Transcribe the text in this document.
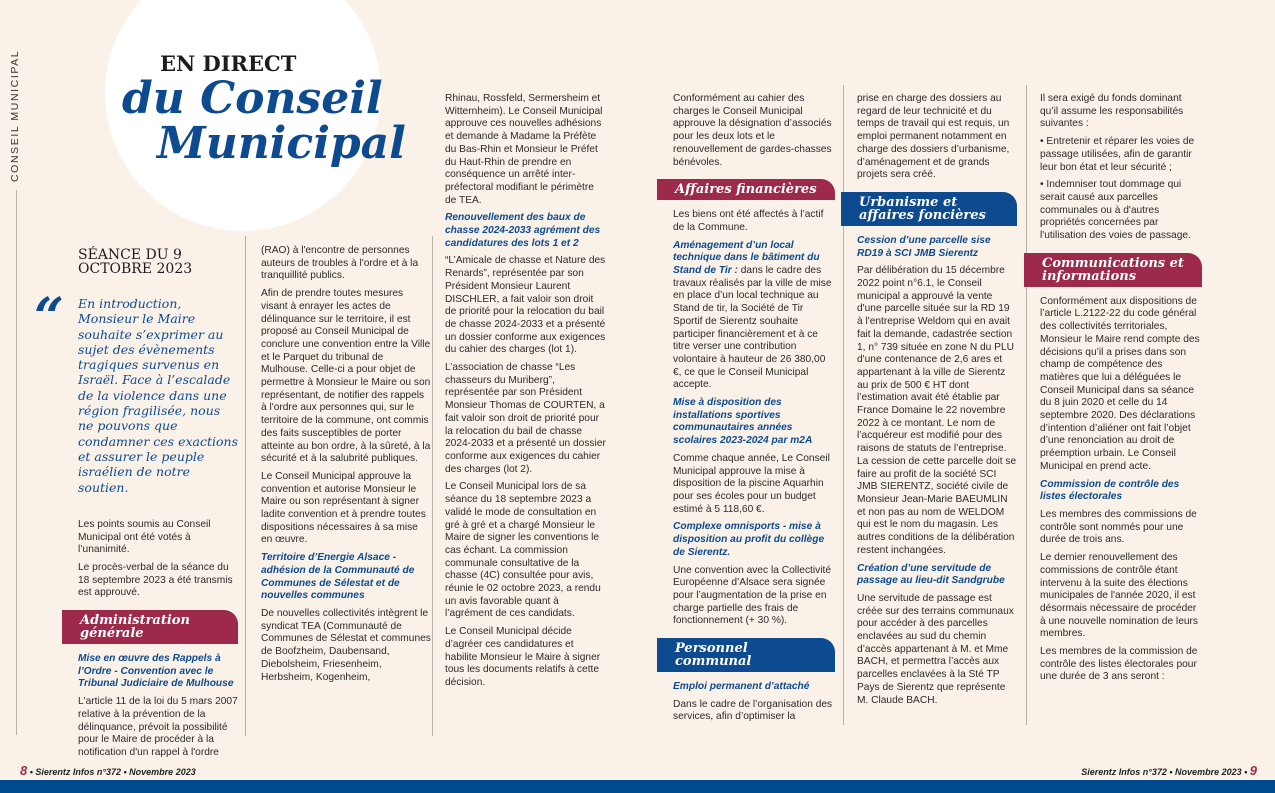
CONSEIL MUNICIPAL	EN DIRECT
du Conseil
Municipal

SÉANCE DU 9 OCTOBRE 2023

“ En introduction, Monsieur le Maire souhaite s’exprimer au sujet des évènements tragiques survenus en Israël. Face à l’escalade de la violence dans une région fragilisée, nous ne pouvons que condamner ces exactions et assurer le peuple israélien de notre soutien.

Les points soumis au Conseil Municipal ont été votés à l’unanimité.

Le procès-verbal de la séance du 18 septembre 2023 a été transmis est approuvé.

Administration générale

Mise en œuvre des Rappels à l’Ordre - Convention avec le Tribunal Judiciaire de Mulhouse

L'article 11 de la loi du 5 mars 2007 relative à la prévention de la délinquance, prévoit la possibilité pour le Maire de procéder à la notification d'un rappel à l'ordre

(RAO) à l'encontre de personnes auteurs de troubles à l'ordre et à la tranquillité publics.

Afin de prendre toutes mesures visant à enrayer les actes de délinquance sur le territoire, il est proposé au Conseil Municipal de conclure une convention entre la Ville et le Parquet du tribunal de Mulhouse. Celle-ci a pour objet de permettre à Monsieur le Maire ou son représentant, de notifier des rappels à l'ordre aux personnes qui, sur le territoire de la commune, ont commis des faits susceptibles de porter atteinte au bon ordre, à la sûreté, à la sécurité et à la salubrité publiques.

Le Conseil Municipal approuve la convention et autorise Monsieur le Maire ou son représentant à signer ladite convention et à prendre toutes dispositions nécessaires à sa mise en œuvre.

Territoire d’Energie Alsace - adhésion de la Communauté de Communes de Sélestat et de nouvelles communes

De nouvelles collectivités intègrent le syndicat TEA (Communauté de Communes de Sélestat et communes de Boofzheim, Daubensand, Diebolsheim, Friesenheim, Herbsheim, Kogenheim,

Rhinau, Rossfeld, Sermersheim et Witternheim). Le Conseil Municipal approuve ces nouvelles adhésions et demande à Madame la Préfète du Bas-Rhin et Monsieur le Préfet du Haut-Rhin de prendre en conséquence un arrêté inter-préfectoral modifiant le périmètre de TEA.

Renouvellement des baux de chasse 2024-2033 agrément des candidatures des lots 1 et 2

“L’Amicale de chasse et Nature des Renards”, représentée par son Président Monsieur Laurent DISCHLER, a fait valoir son droit de priorité pour la relocation du bail de chasse 2024-2033 et a présenté un dossier conforme aux exigences du cahier des charges (lot 1).

L’association de chasse “Les chasseurs du Muriberg”, représentée par son Président Monsieur Thomas de COURTEN, a fait valoir son droit de priorité pour la relocation du bail de chasse 2024-2033 et a présenté un dossier conforme aux exigences du cahier des charges (lot 2).

Le Conseil Municipal lors de sa séance du 18 septembre 2023 a validé le mode de consultation en gré à gré et a chargé Monsieur le Maire de signer les conventions le cas échant. La commission communale consultative de la chasse (4C) consultée pour avis, réunie le 02 octobre 2023, a rendu un avis favorable quant à l’agrément de ces candidats.

Le Conseil Municipal décide d’agréer ces candidatures et habilite Monsieur le Maire à signer tous les documents relatifs à cette décision.

Conformément au cahier des charges le Conseil Municipal approuve la désignation d’associés pour les deux lots et le renouvellement de gardes-chasses bénévoles.

Affaires financières

Les biens ont été affectés à l’actif de la Commune.

Aménagement d’un local technique dans le bâtiment du Stand de Tir : dans le cadre des travaux réalisés par la ville de mise en place d’un local technique au Stand de tir, la Société de Tir Sportif de Sierentz souhaite participer financièrement et à ce titre verser une contribution volontaire à hauteur de 26 380,00 €, ce que le Conseil Municipal accepte.

Mise à disposition des installations sportives communautaires années scolaires 2023-2024 par m2A

Comme chaque année, Le Conseil Municipal approuve la mise à disposition de la piscine Aquarhin pour ses écoles pour un budget estimé à 5 118,60 €.

Complexe omnisports - mise à disposition au profit du collège de Sierentz.

Une convention avec la Collectivité Européenne d’Alsace sera signée pour l’augmentation de la prise en charge partielle des frais de fonctionnement (+ 30 %).

Personnel communal

Emploi permanent d’attaché

Dans le cadre de l’organisation des services, afin d’optimiser la

prise en charge des dossiers au regard de leur technicité et du temps de travail qui est requis, un emploi permanent notamment en charge des dossiers d’urbanisme, d’aménagement et de grands projets sera créé.

Urbanisme et affaires foncières

Cession d’une parcelle sise RD19 à SCI JMB Sierentz

Par délibération du 15 décembre 2022 point n°6.1, le Conseil municipal a approuvé la vente d'une parcelle située sur la RD 19 à l'entreprise Weldom qui en avait fait la demande, cadastrée section 1, n° 739 située en zone N du PLU d'une contenance de 2,6 ares et appartenant à la ville de Sierentz au prix de 500 € HT dont l’estimation avait été établie par France Domaine le 22 novembre 2022 à ce montant. Le nom de l’acquéreur est modifié pour des raisons de statuts de l’entreprise. La cession de cette parcelle doit se faire au profit de la société SCI JMB SIERENTZ, société civile de Monsieur Jean-Marie BAEUMLIN et non pas au nom de WELDOM qui est le nom du magasin. Les autres conditions de la délibération restent inchangées.

Création d’une servitude de passage au lieu-dit Sandgrube

Une servitude de passage est créée sur des terrains communaux pour accéder à des parcelles enclavées au sud du chemin d’accès appartenant à M. et Mme BACH, et permettra l’accès aux parcelles enclavées à la Sté TP Pays de Sierentz que représente M. Claude BACH.

Il sera exigé du fonds dominant qu’il assume les responsabilités suivantes :

• Entretenir et réparer les voies de passage utilisées, afin de garantir leur bon état et leur sécurité ;

• Indemniser tout dommage qui serait causé aux parcelles communales ou à d'autres propriétés concernées par l'utilisation des voies de passage.

Communications et informations

Conformément aux dispositions de l’article L.2122-22 du code général des collectivités territoriales, Monsieur le Maire rend compte des décisions qu’il a prises dans son champ de compétence des matières que lui a déléguées le Conseil Municipal dans sa séance du 8 juin 2020 et celle du 14 septembre 2020. Des déclarations d’intention d’aliéner ont fait l’objet d’une renonciation au droit de préemption urbain. Le Conseil Municipal en prend acte.

Commission de contrôle des listes électorales

Les membres des commissions de contrôle sont nommés pour une durée de trois ans.

Le dernier renouvellement des commissions de contrôle étant intervenu à la suite des élections municipales de l'année 2020, il est désormais nécessaire de procéder à une nouvelle nomination de leurs membres.

Les membres de la commission de contrôle des listes électorales pour une durée de 3 ans seront :

8 • Sierentz Infos n°372 • Novembre 2023	Sierentz Infos n°372 • Novembre 2023 • 9
